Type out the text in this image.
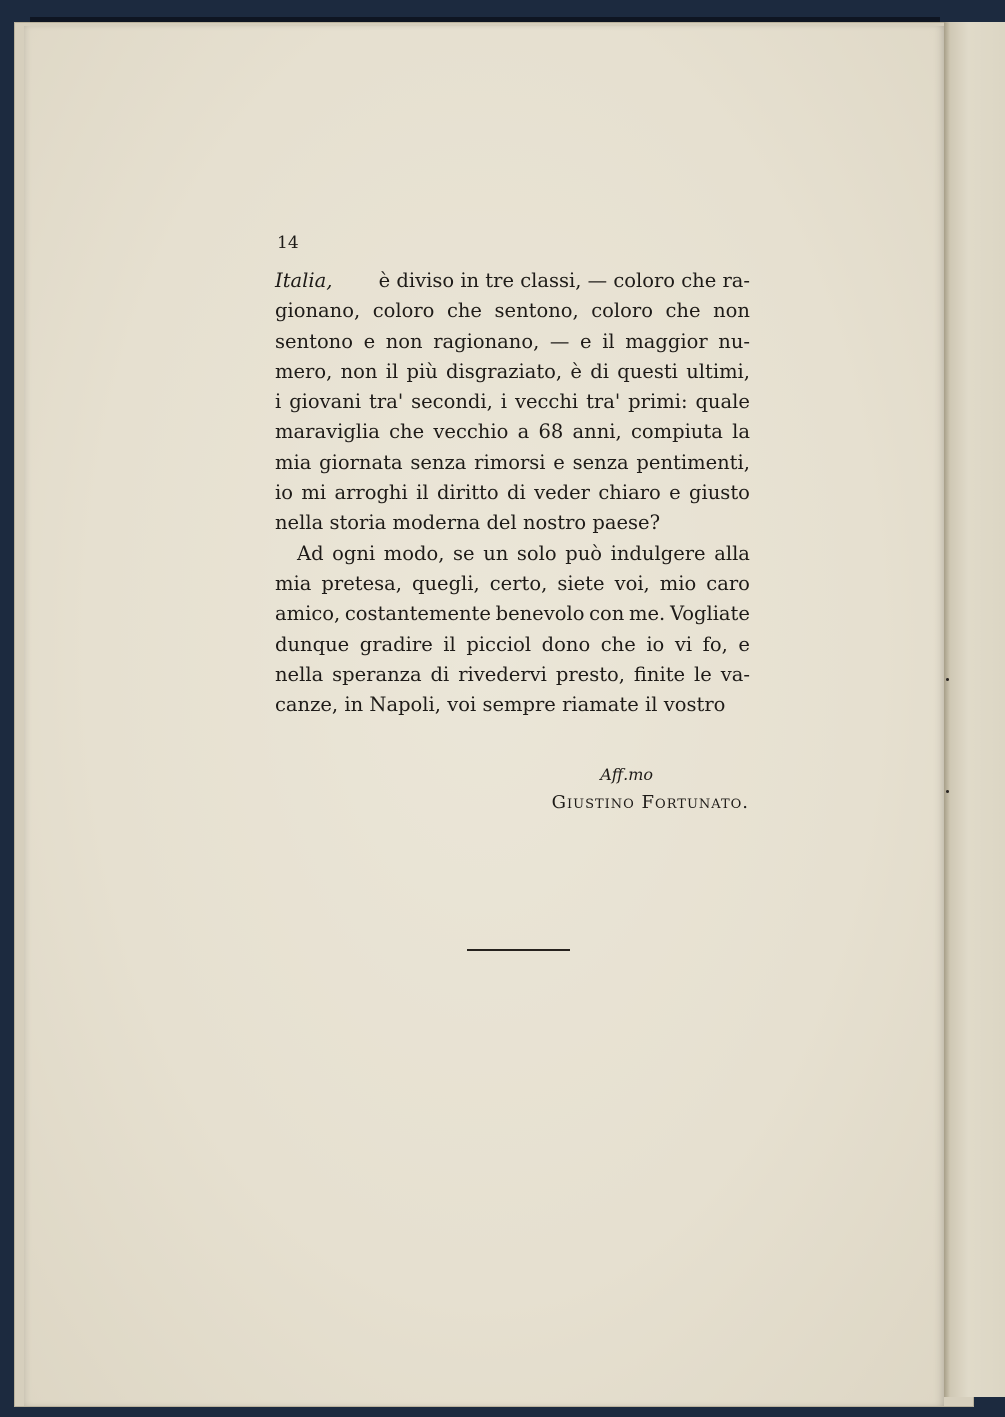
14
Italia,	è diviso in tre classi, — coloro che ra-
gionano, coloro che sentono, coloro che non
sentono e non ragionano, — e il maggior nu-
mero, non il più disgraziato, è di questi ultimi,
i giovani tra' secondi, i vecchi tra' primi: quale
maraviglia che vecchio a 68 anni, compiuta la
mia giornata senza rimorsi e senza pentimenti,
io mi arroghi il diritto di veder chiaro e giusto
nella storia moderna del nostro paese?
Ad ogni modo, se un solo può indulgere alla
mia pretesa, quegli, certo, siete voi, mio caro
amico, costantemente benevolo con me. Vogliate
dunque gradire il picciol dono che io vi fo, e
nella speranza di rivedervi presto, finite le va-
canze, in Napoli, voi sempre riamate il vostro
Aff.mo
Giustino Fortunato.
